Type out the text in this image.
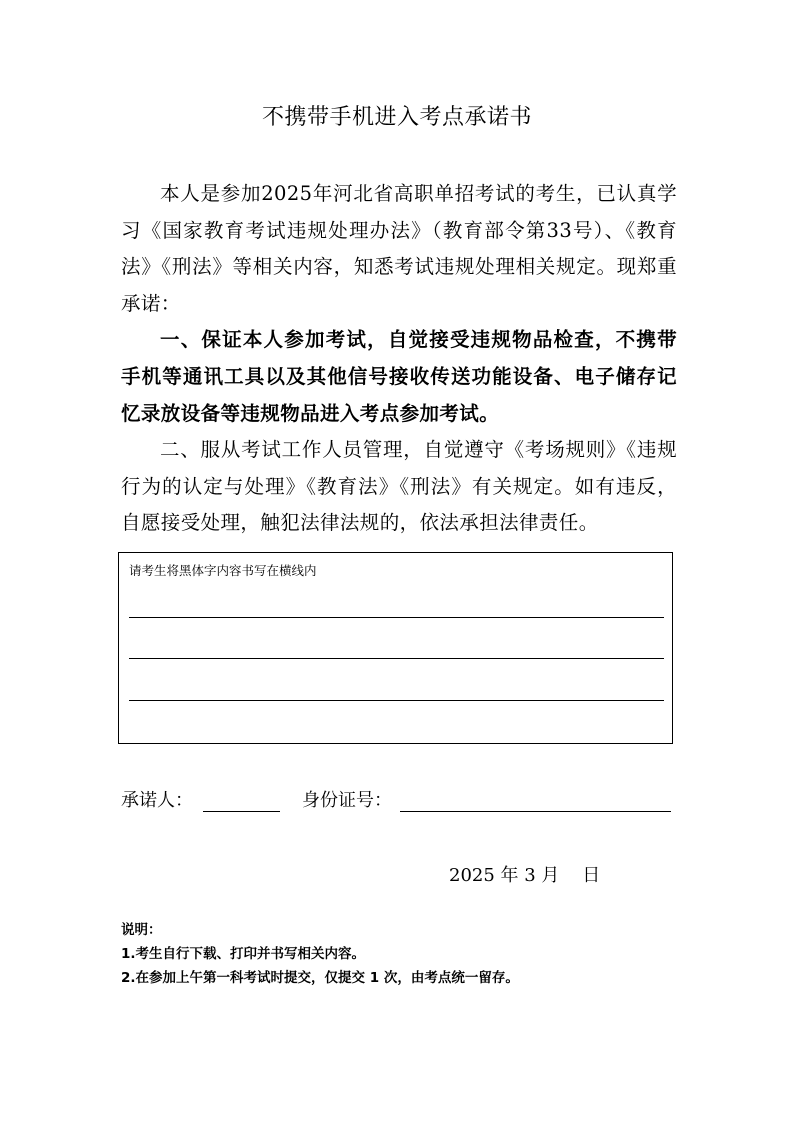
不携带手机进入考点承诺书

本人是参加2025年河北省高职单招考试的考生，已认真学习《国家教育考试违规处理办法》（教育部令第33号）、《教育法》《刑法》等相关内容，知悉考试违规处理相关规定。现郑重承诺：

一、保证本人参加考试，自觉接受违规物品检查，不携带手机等通讯工具以及其他信号接收传送功能设备、电子储存记忆录放设备等违规物品进入考点参加考试。

二、服从考试工作人员管理，自觉遵守《考场规则》《违规行为的认定与处理》《教育法》《刑法》有关规定。如有违反，自愿接受处理，触犯法律法规的，依法承担法律责任。

请考生将黑体字内容书写在横线内
承诺人：	身份证号：
2025 年 3 月    日
说明：
1.考生自行下载、打印并书写相关内容。
2.在参加上午第一科考试时提交，仅提交 1 次，由考点统一留存。
